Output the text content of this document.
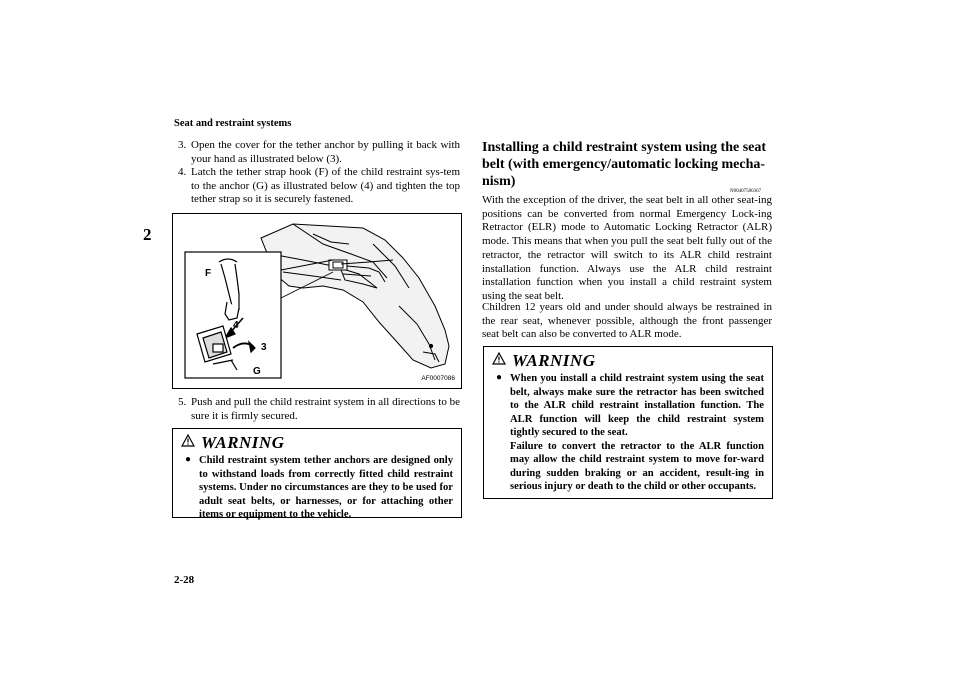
Seat and restraint systems
2
2-28
3. Open the cover for the tether anchor by pulling it back with your hand as illustrated below (3).
4. Latch the tether strap hook (F) of the child restraint sys-tem to the anchor (G) as illustrated below (4) and tighten the top tether strap so it is securely fastened.
F
4
3
G
AF0007086
5. Push and pull the child restraint system in all directions to be sure it is firmly secured.
WARNING
● Child restraint system tether anchors are designed only to withstand loads from correctly fitted child restraint systems. Under no circumstances are they to be used for adult seat belts, or harnesses, or for attaching other items or equipment to the vehicle.
Installing a child restraint system using the seat belt (with emergency/automatic locking mecha-nism)
N00407500367
With the exception of the driver, the seat belt in all other seat-ing positions can be converted from normal Emergency Lock-ing Retractor (ELR) mode to Automatic Locking Retractor (ALR) mode. This means that when you pull the seat belt fully out of the retractor, the retractor will switch to its ALR child restraint installation function. Always use the ALR child restraint installation function when you install a child restraint system using the seat belt.
Children 12 years old and under should always be restrained in the rear seat, whenever possible, although the front passenger seat belt can also be converted to ALR mode.
WARNING
● When you install a child restraint system using the seat belt, always make sure the retractor has been switched to the ALR child restraint installation function. The ALR function will keep the child restraint system tightly secured to the seat.
Failure to convert the retractor to the ALR function may allow the child restraint system to move for-ward during sudden braking or an accident, result-ing in serious injury or death to the child or other occupants.
